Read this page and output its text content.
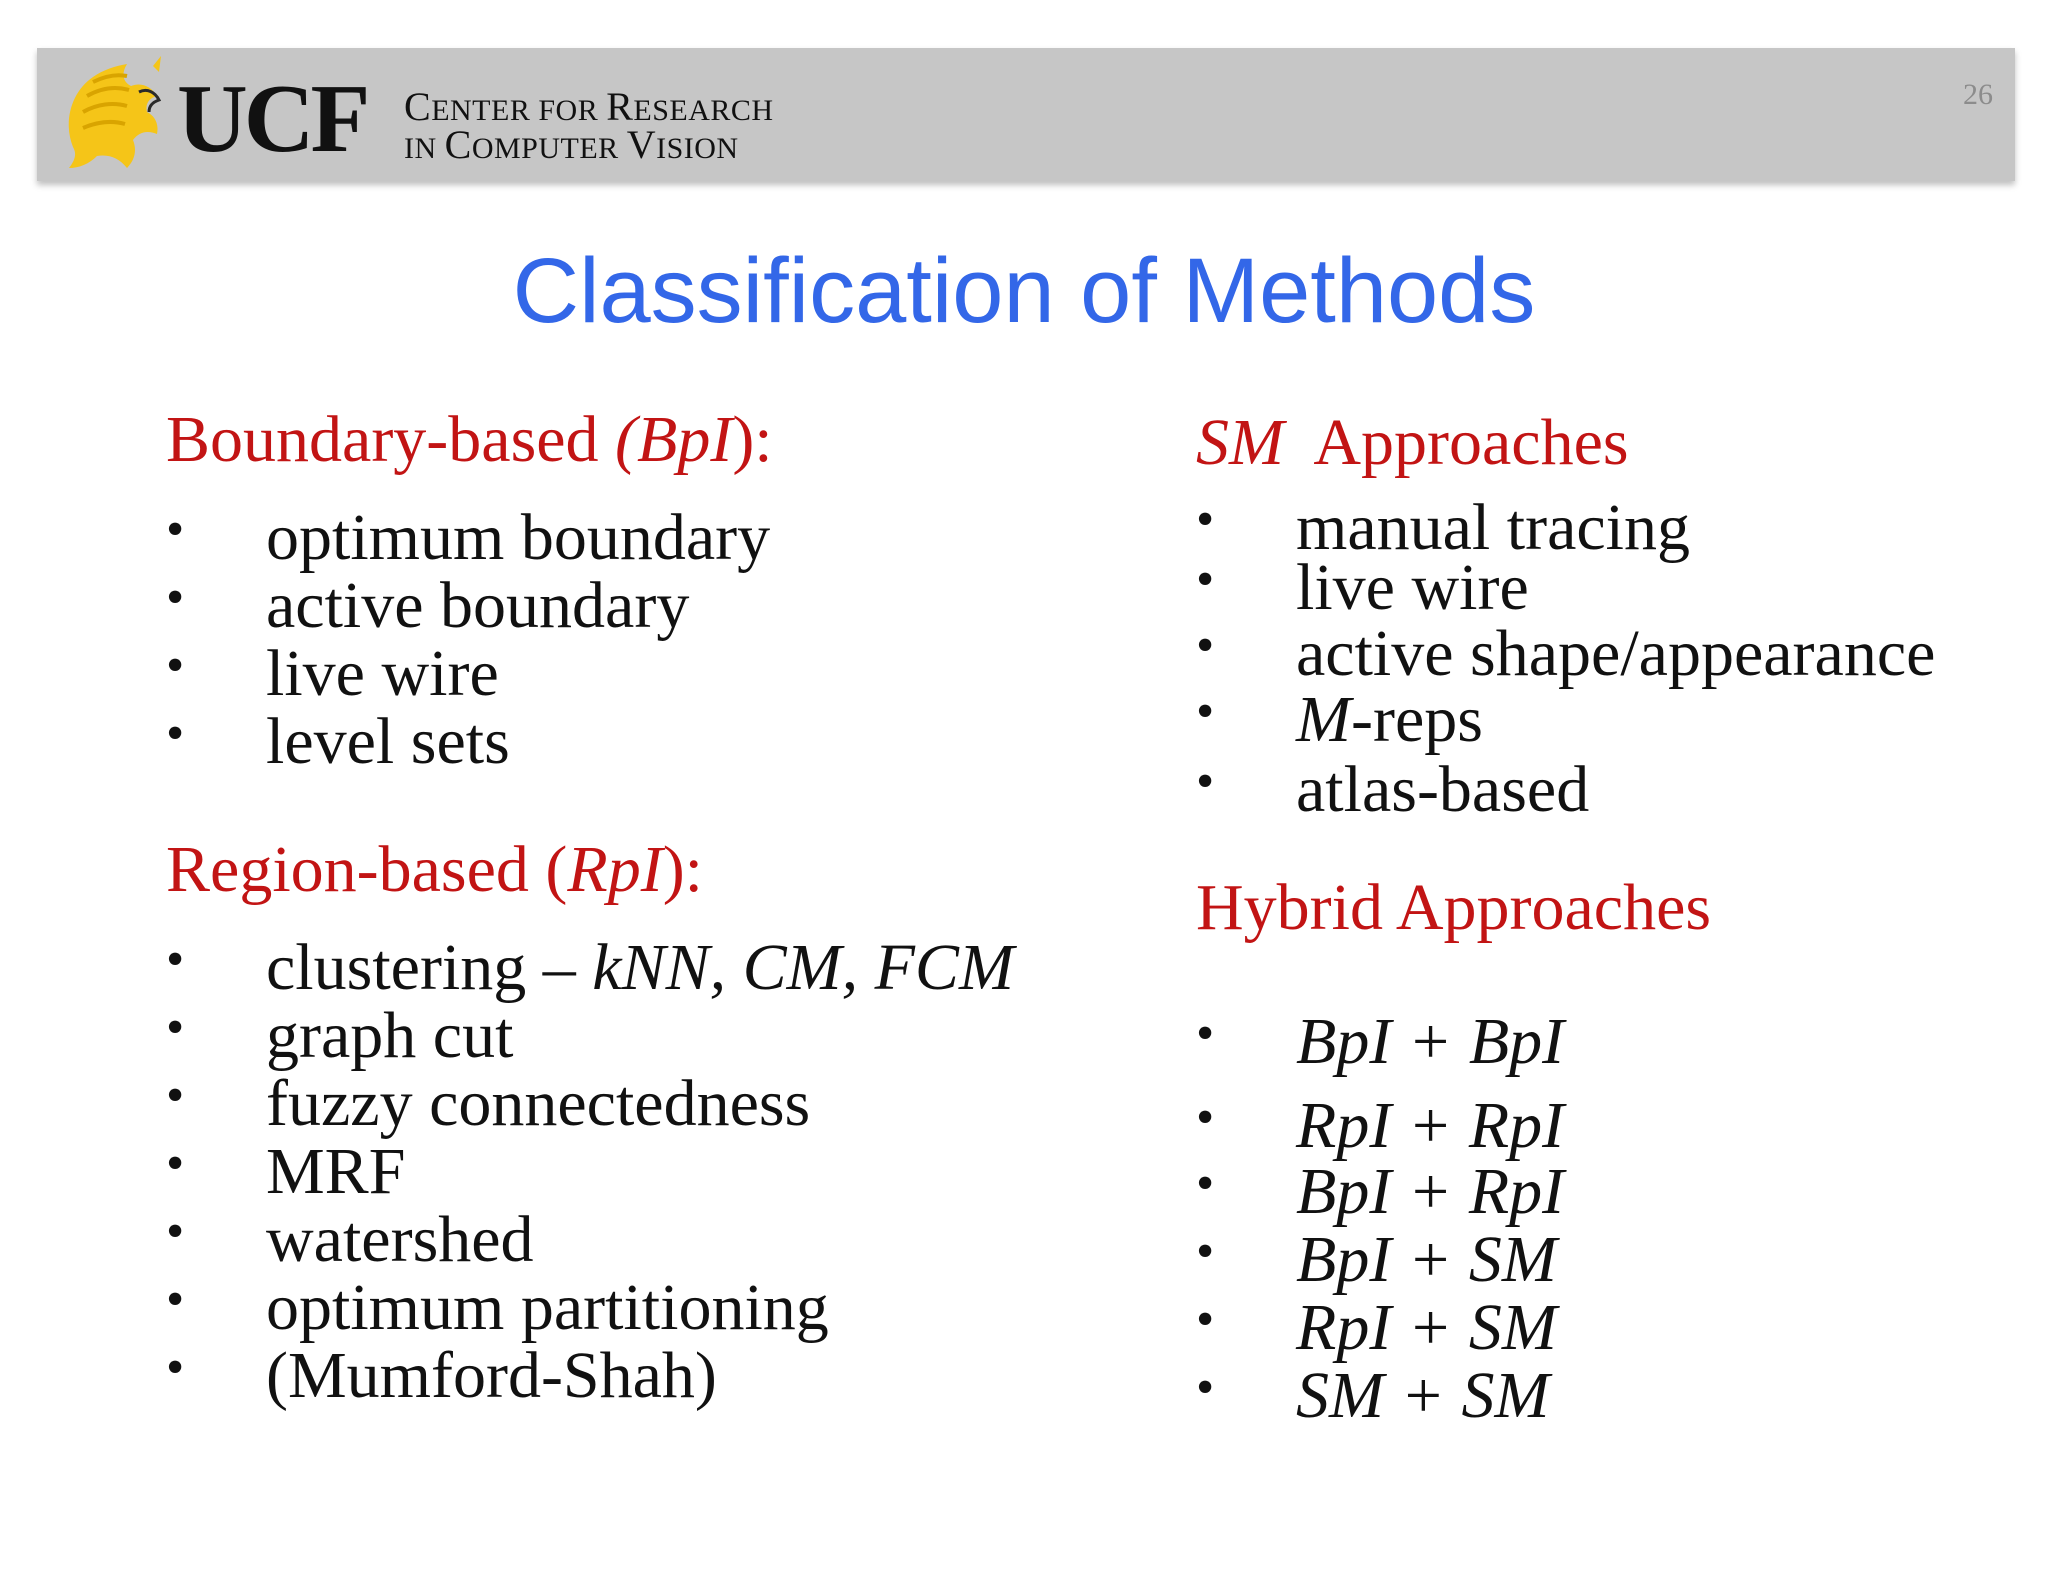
UCF CENTER FOR RESEARCH
IN COMPUTER VISION
26
Classification of Methods
Boundary-based (BpI):
• optimum boundary
• active boundary
• live wire
• level sets
Region-based (RpI):
• clustering – kNN, CM, FCM
• graph cut
• fuzzy connectedness
• MRF
• watershed
• optimum partitioning
• (Mumford-Shah)
SM  Approaches
• manual tracing
• live wire
• active shape/appearance
• M-reps
• atlas-based
Hybrid Approaches
• BpI + BpI
• RpI + RpI
• BpI + RpI
• BpI + SM
• RpI + SM
• SM + SM
